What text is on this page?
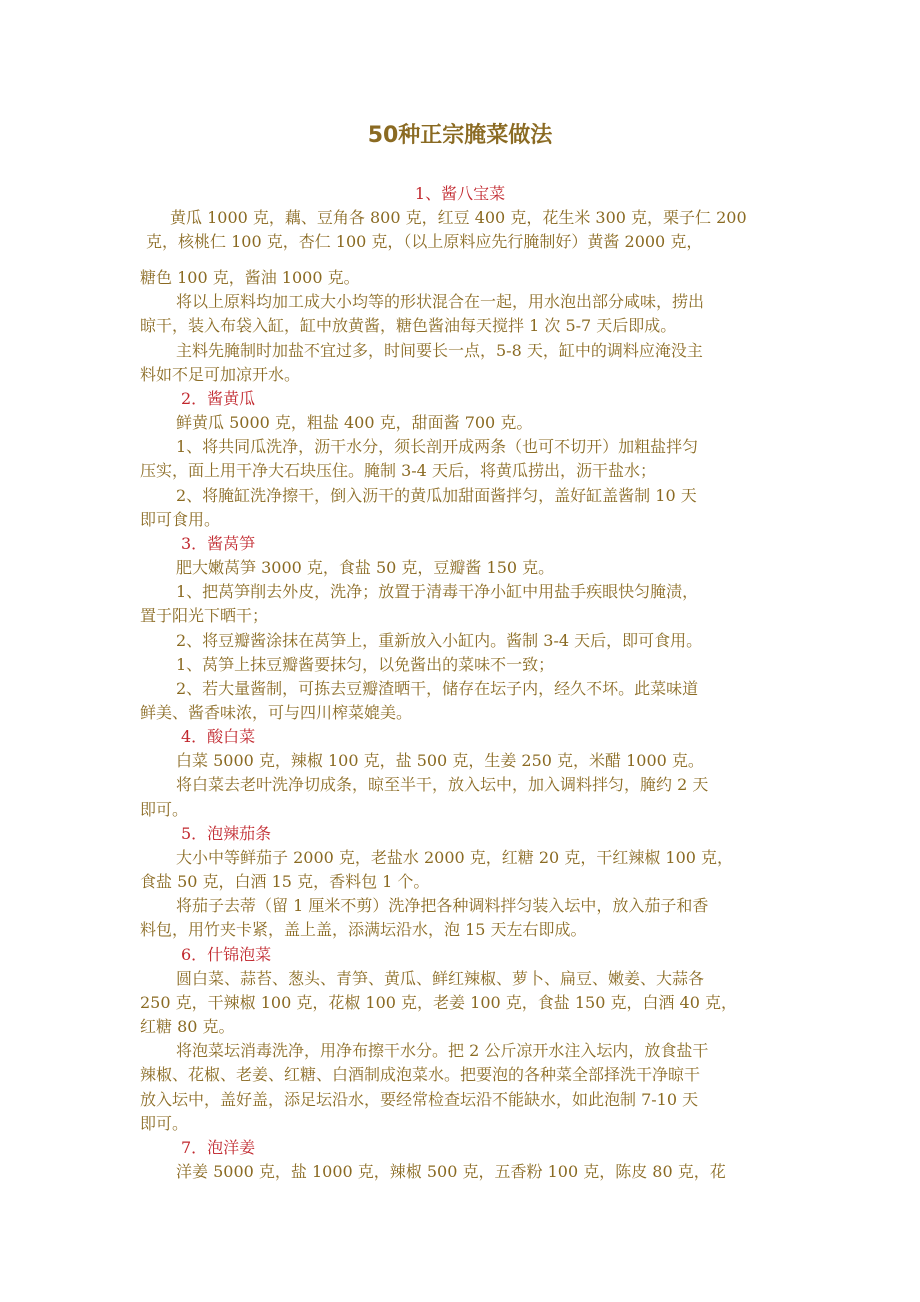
50种正宗腌菜做法
1、酱八宝菜
黄瓜 1000 克，藕、豆角各 800 克，红豆 400 克，花生米 300 克，栗子仁 200
克，核桃仁 100 克，杏仁 100 克，（以上原料应先行腌制好）黄酱 2000 克，
糖色 100 克，酱油 1000 克。
将以上原料均加工成大小均等的形状混合在一起，用水泡出部分咸味，捞出
晾干，装入布袋入缸，缸中放黄酱，糖色酱油每天搅拌 1 次 5-7 天后即成。
主料先腌制时加盐不宜过多，时间要长一点，5-8 天，缸中的调料应淹没主
料如不足可加凉开水。
2．酱黄瓜
鲜黄瓜 5000 克，粗盐 400 克，甜面酱 700 克。
1、将共同瓜洗净，沥干水分，须长剖开成两条（也可不切开）加粗盐拌匀
压实，面上用干净大石块压住。腌制 3-4 天后，将黄瓜捞出，沥干盐水；
2、将腌缸洗净擦干，倒入沥干的黄瓜加甜面酱拌匀，盖好缸盖酱制 10 天
即可食用。
3．酱莴笋
肥大嫩莴笋 3000 克，食盐 50 克，豆瓣酱 150 克。
1、把莴笋削去外皮，洗净；放置于清毒干净小缸中用盐手疾眼快匀腌渍，
置于阳光下晒干；
2、将豆瓣酱涂抹在莴笋上，重新放入小缸内。酱制 3-4 天后，即可食用。
1、莴笋上抹豆瓣酱要抹匀，以免酱出的菜味不一致；
2、若大量酱制，可拣去豆瓣渣晒干，储存在坛子内，经久不坏。此菜味道
鲜美、酱香味浓，可与四川榨菜媲美。
4．酸白菜
白菜 5000 克，辣椒 100 克，盐 500 克，生姜 250 克，米醋 1000 克。
将白菜去老叶洗净切成条，晾至半干，放入坛中，加入调料拌匀，腌约 2 天
即可。
5．泡辣茄条
大小中等鲜茄子 2000 克，老盐水 2000 克，红糖 20 克，干红辣椒 100 克，
食盐 50 克，白酒 15 克，香料包 1 个。
将茄子去蒂（留 1 厘米不剪）洗净把各种调料拌匀装入坛中，放入茄子和香
料包，用竹夹卡紧，盖上盖，添满坛沿水，泡 15 天左右即成。
6．什锦泡菜
圆白菜、蒜苔、葱头、青笋、黄瓜、鲜红辣椒、萝卜、扁豆、嫩姜、大蒜各
250 克，干辣椒 100 克，花椒 100 克，老姜 100 克，食盐 150 克，白酒 40 克，
红糖 80 克。
将泡菜坛消毒洗净，用净布擦干水分。把 2 公斤凉开水注入坛内，放食盐干
辣椒、花椒、老姜、红糖、白酒制成泡菜水。把要泡的各种菜全部择洗干净晾干
放入坛中，盖好盖，添足坛沿水，要经常检查坛沿不能缺水，如此泡制 7-10 天
即可。
7．泡洋姜
洋姜 5000 克，盐 1000 克，辣椒 500 克，五香粉 100 克，陈皮 80 克，花
